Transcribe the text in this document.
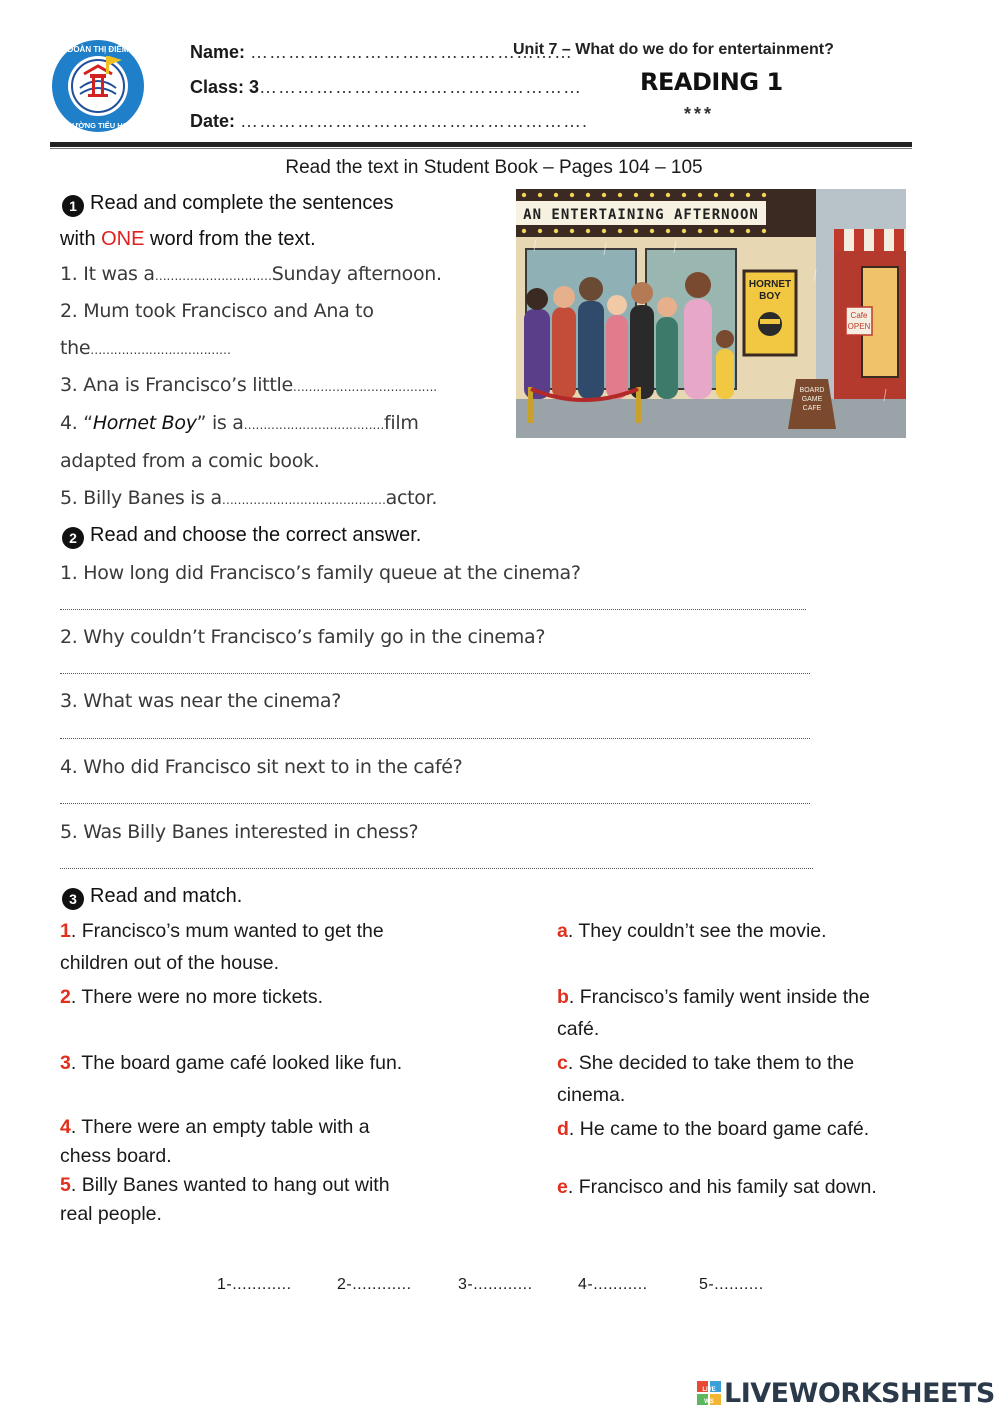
ĐOÀN THỊ ĐIỂM
TRƯỜNG TIỂU HỌC
Name: ……………………………………………
Class: 3……………………………………………
Date: ……………………………………………….
Unit 7 – What do we do for entertainment?
READING 1
***
Read the text in Student Book – Pages 104 – 105
1 Read and complete the sentences
with ONE word from the text.
1. It was a…………………………Sunday afternoon.
2. Mum took Francisco and Ana to
the………………………………
3. Ana is Francisco’s little……………………………….
4. “Hornet Boy” is a………………………………film
adapted from a comic book.
5. Billy Banes is a……………………………………actor.
AN ENTERTAINING AFTERNOON
HORNET
BOY
Cafe
OPEN
BOARD
GAME
CAFE
2 Read and choose the correct answer.
1. How long did Francisco’s family queue at the cinema?
2. Why couldn’t Francisco’s family go in the cinema?
3. What was near the cinema?
4. Who did Francisco sit next to in the café?
5. Was Billy Banes interested in chess?
3 Read and match.
1. Francisco’s mum wanted to get the
children out of the house.
2. There were no more tickets.
3. The board game café looked like fun.
4. There were an empty table with a
chess board.
5. Billy Banes wanted to hang out with
real people.
a. They couldn’t see the movie.
b. Francisco’s family went inside the
café.
c. She decided to take them to the
cinema.
d. He came to the board game café.
e. Francisco and his family sat down.
1-............	2-............	3-............	4-...........	5-..........
LIVE
WS LIVEWORKSHEETS
